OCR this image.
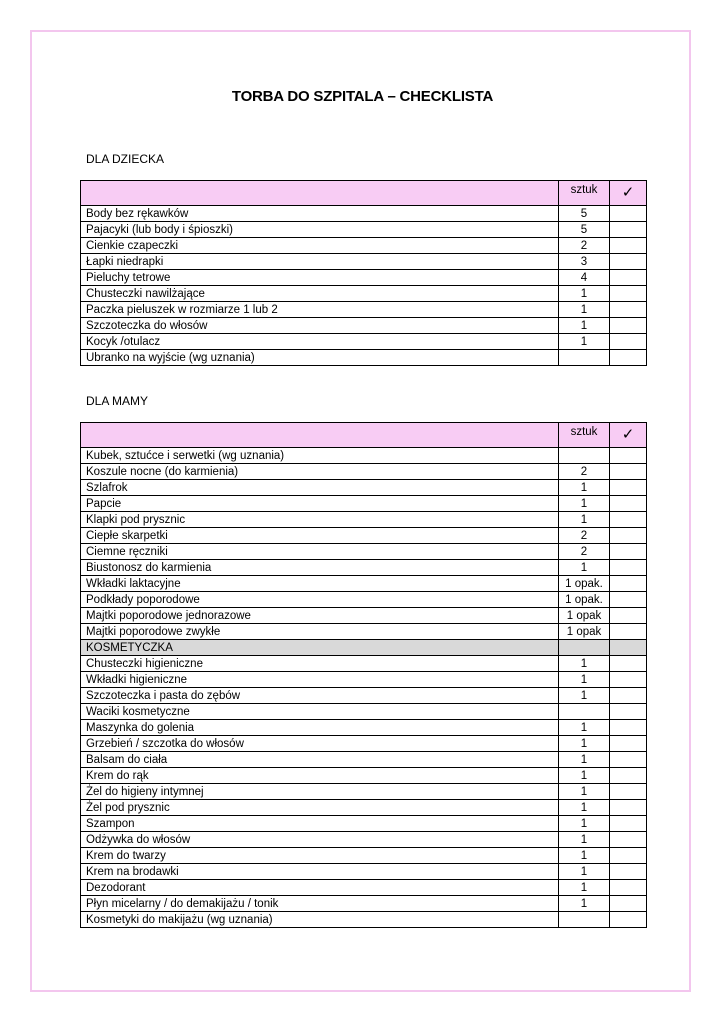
TORBA DO SZPITALA – CHECKLISTA
DLA DZIECKA
	sztuk	✓
Body bez rękawków	5	
Pajacyki (lub body i śpioszki)	5	
Cienkie czapeczki	2	
Łapki niedrapki	3	
Pieluchy tetrowe	4	
Chusteczki nawilżające	1	
Paczka pieluszek w rozmiarze 1 lub 2	1	
Szczoteczka do włosów	1	
Kocyk /otulacz	1	
Ubranko na wyjście (wg uznania)		
DLA MAMY
	sztuk	✓
Kubek, sztućce i serwetki (wg uznania)		
Koszule nocne (do karmienia)	2	
Szlafrok	1	
Papcie	1	
Klapki pod prysznic	1	
Ciepłe skarpetki	2	
Ciemne ręczniki	2	
Biustonosz do karmienia	1	
Wkładki laktacyjne	1 opak.	
Podkłady poporodowe	1 opak.	
Majtki poporodowe jednorazowe	1 opak	
Majtki poporodowe zwykłe	1 opak	
KOSMETYCZKA		
Chusteczki higieniczne	1	
Wkładki higieniczne	1	
Szczoteczka i pasta do zębów	1	
Waciki kosmetyczne		
Maszynka do golenia	1	
Grzebień / szczotka do włosów	1	
Balsam do ciała	1	
Krem do rąk	1	
Żel do higieny intymnej	1	
Żel pod prysznic	1	
Szampon	1	
Odżywka do włosów	1	
Krem do twarzy	1	
Krem na brodawki	1	
Dezodorant	1	
Płyn micelarny / do demakijażu / tonik	1	
Kosmetyki do makijażu (wg uznania)		
